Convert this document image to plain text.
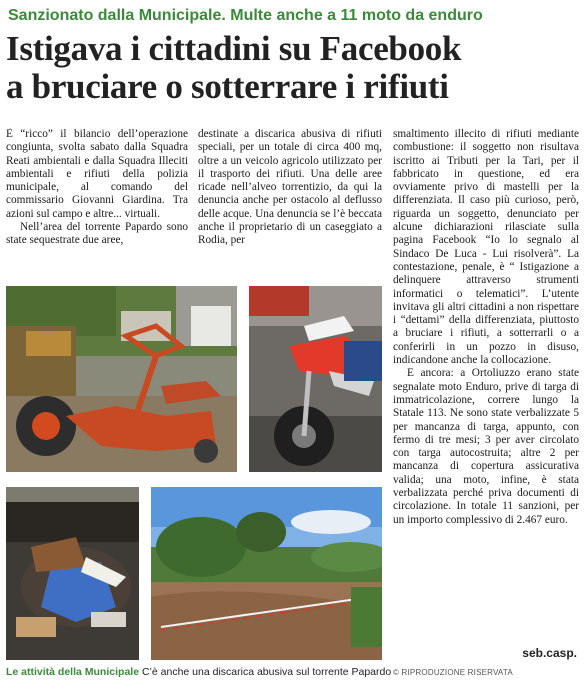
Sanzionato dalla Municipale. Multe anche a 11 moto da enduro
Istigava i cittadini su Facebook
a bruciare o sotterrare i rifiuti

È “ricco” il bilancio dell’operazione congiunta, svolta sabato dalla Squadra Reati ambientali e dalla Squadra Illeciti ambientali e rifiuti della polizia municipale, al comando del commissario Giovanni Giardina. Tra azioni sul campo e altre... virtuali.

Nell’area del torrente Papardo sono state sequestrate due aree,

destinate a discarica abusiva di rifiuti speciali, per un totale di circa 400 mq, oltre a un veicolo agricolo utilizzato per il trasporto dei rifiuti. Una delle aree ricade nell’alveo torrentizio, da qui la denuncia anche per ostacolo al deflusso delle acque. Una denuncia se l’è beccata anche il proprietario di un caseggiato a Rodia, per

smaltimento illecito di rifiuti mediante combustione: il soggetto non risultava iscritto ai Tributi per la Tari, per il fabbricato in questione, ed era ovviamente privo di mastelli per la differenziata. Il caso più curioso, però, riguarda un soggetto, denunciato per alcune dichiarazioni rilasciate sulla pagina Facebook “Io lo segnalo al Sindaco De Luca - Lui risolverà”. La contestazione, penale, è “ Istigazione a delinquere attraverso strumenti informatici o telematici”. L’utente invitava gli altri cittadini a non rispettare i “dettami” della differenziata, piuttosto a bruciare i rifiuti, a sotterrarli o a conferirli in un pozzo in disuso, indicandone anche la collocazione.

E ancora: a Ortoliuzzo erano state segnalate moto Enduro, prive di targa di immatricolazione, correre lungo la Statale 113. Ne sono state verbalizzate 5 per mancanza di targa, appunto, con fermo di tre mesi; 3 per aver circolato con targa autocostruita; altre 2 per mancanza di copertura assicurativa valida; una moto, infine, è stata verbalizzata perché priva documenti di circolazione. In totale 11 sanzioni, per un importo complessivo di 2.467 euro.

Le attività della Municipale C’è anche una discarica abusiva sul torrente Papardo
seb.casp.
© RIPRODUZIONE RISERVATA
